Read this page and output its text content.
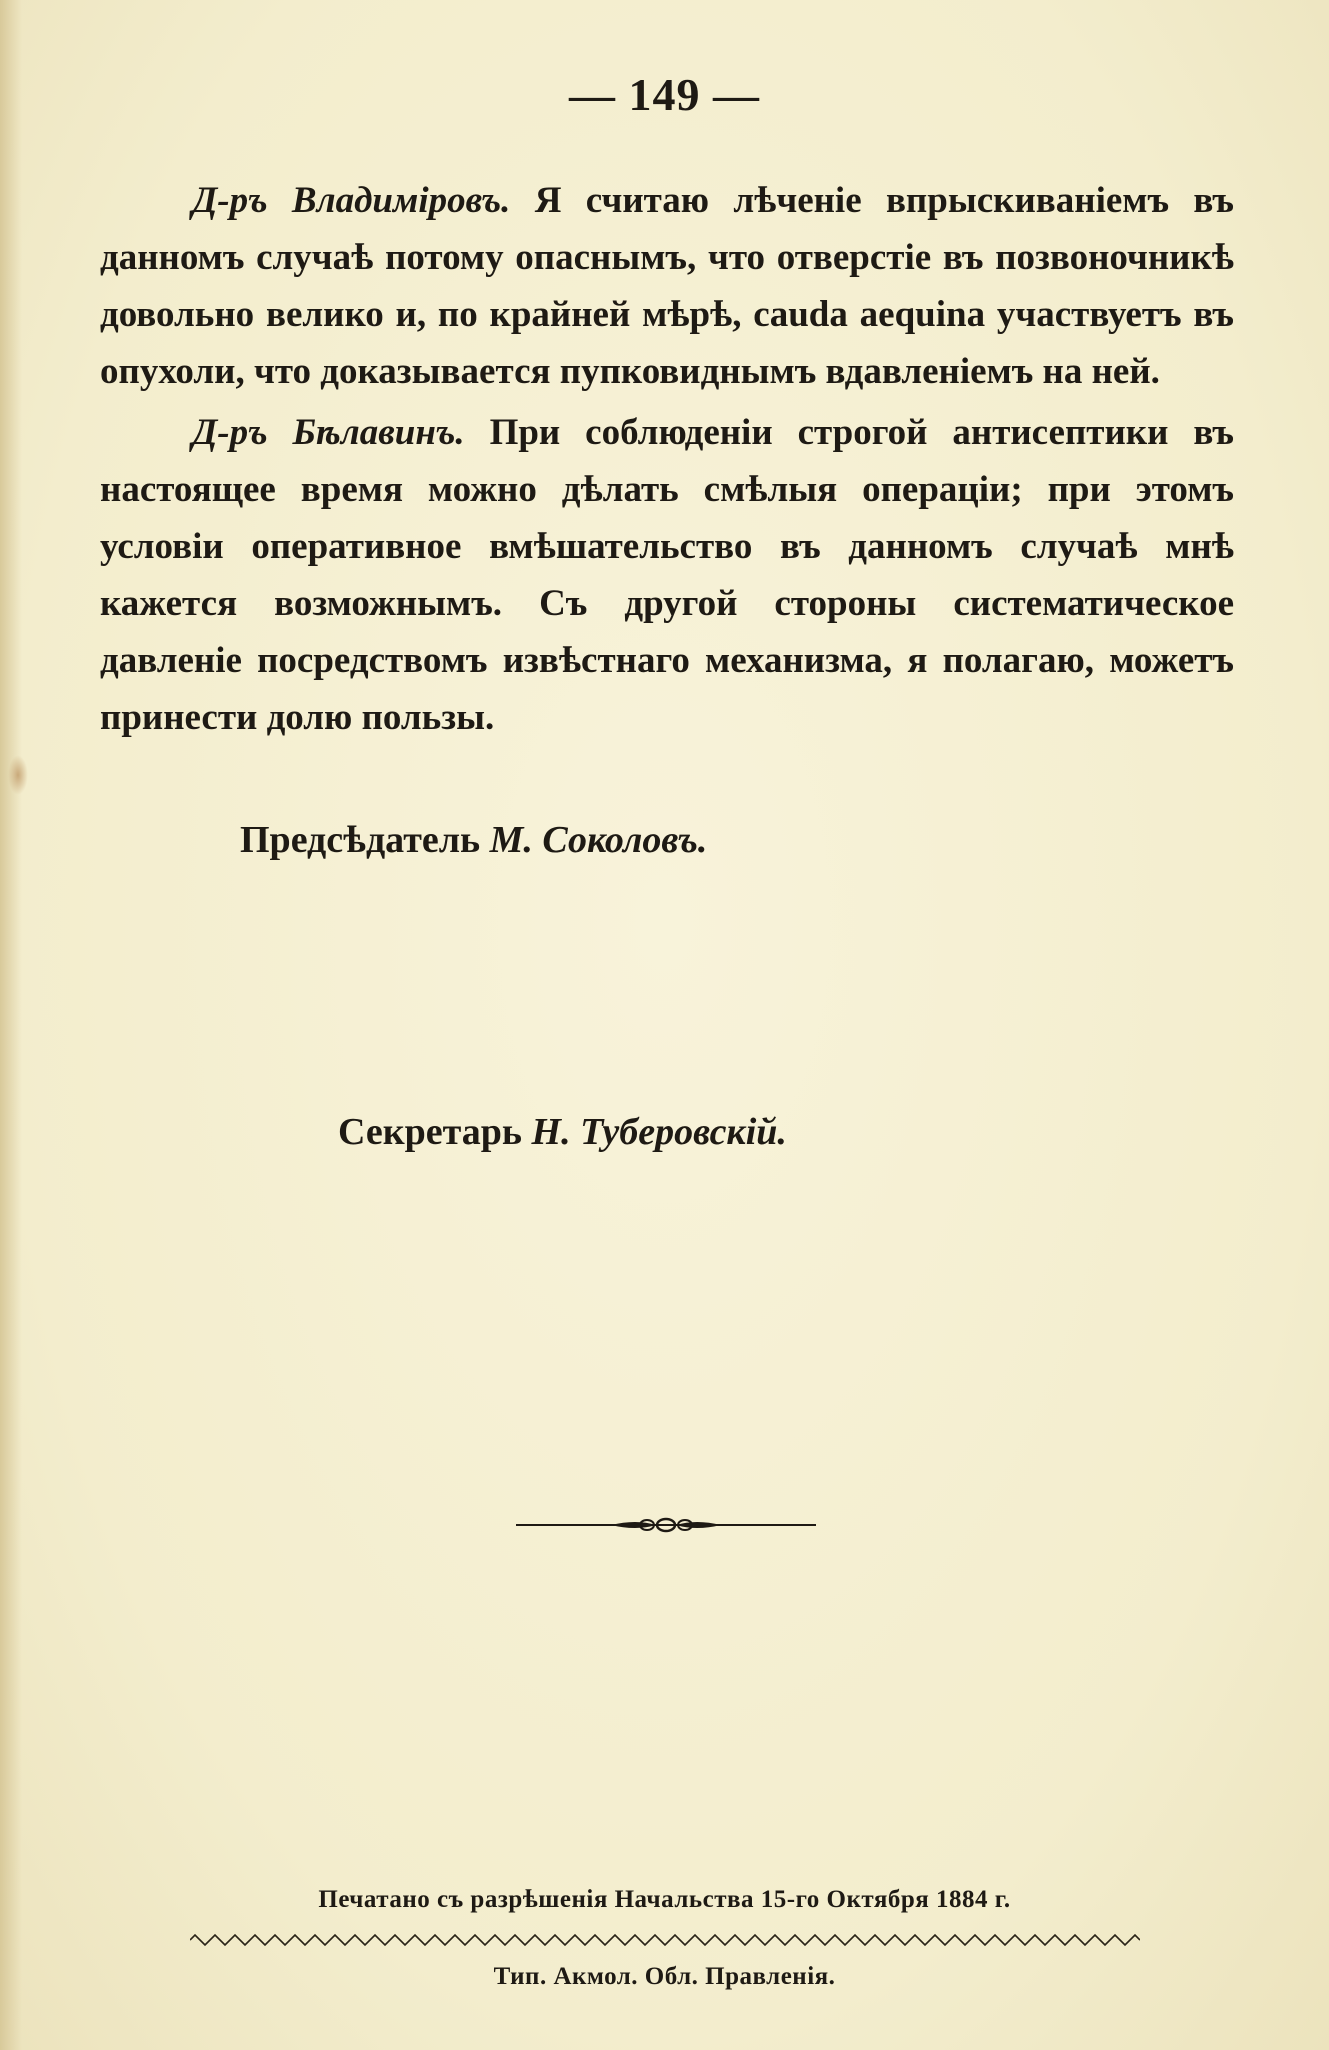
— 149 —
Д-ръ Владиміровъ. Я считаю лѣченіе впрыскиваніемъ въ данномъ случаѣ потому опаснымъ, что отверстіе въ позвоночникѣ довольно велико и, по крайней мѣрѣ, cauda aequina участвуетъ въ опухоли, что доказывается пупковиднымъ вдавленіемъ на ней.
Д-ръ Бѣлавинъ. При соблюденіи строгой антисептики въ настоящее время можно дѣлать смѣлыя операціи; при этомъ условіи оперативное вмѣшательство въ данномъ случаѣ мнѣ кажется возможнымъ. Съ другой стороны систематическое давленіе посредствомъ извѣстнаго механизма, я полагаю, можетъ принести долю пользы.
Предсѣдатель М. Соколовъ.
Секретарь Н. Туберовскій.
Печатано съ разрѣшенія Начальства 15-го Октября 1884 г.
Тип. Акмол. Обл. Правленія.
